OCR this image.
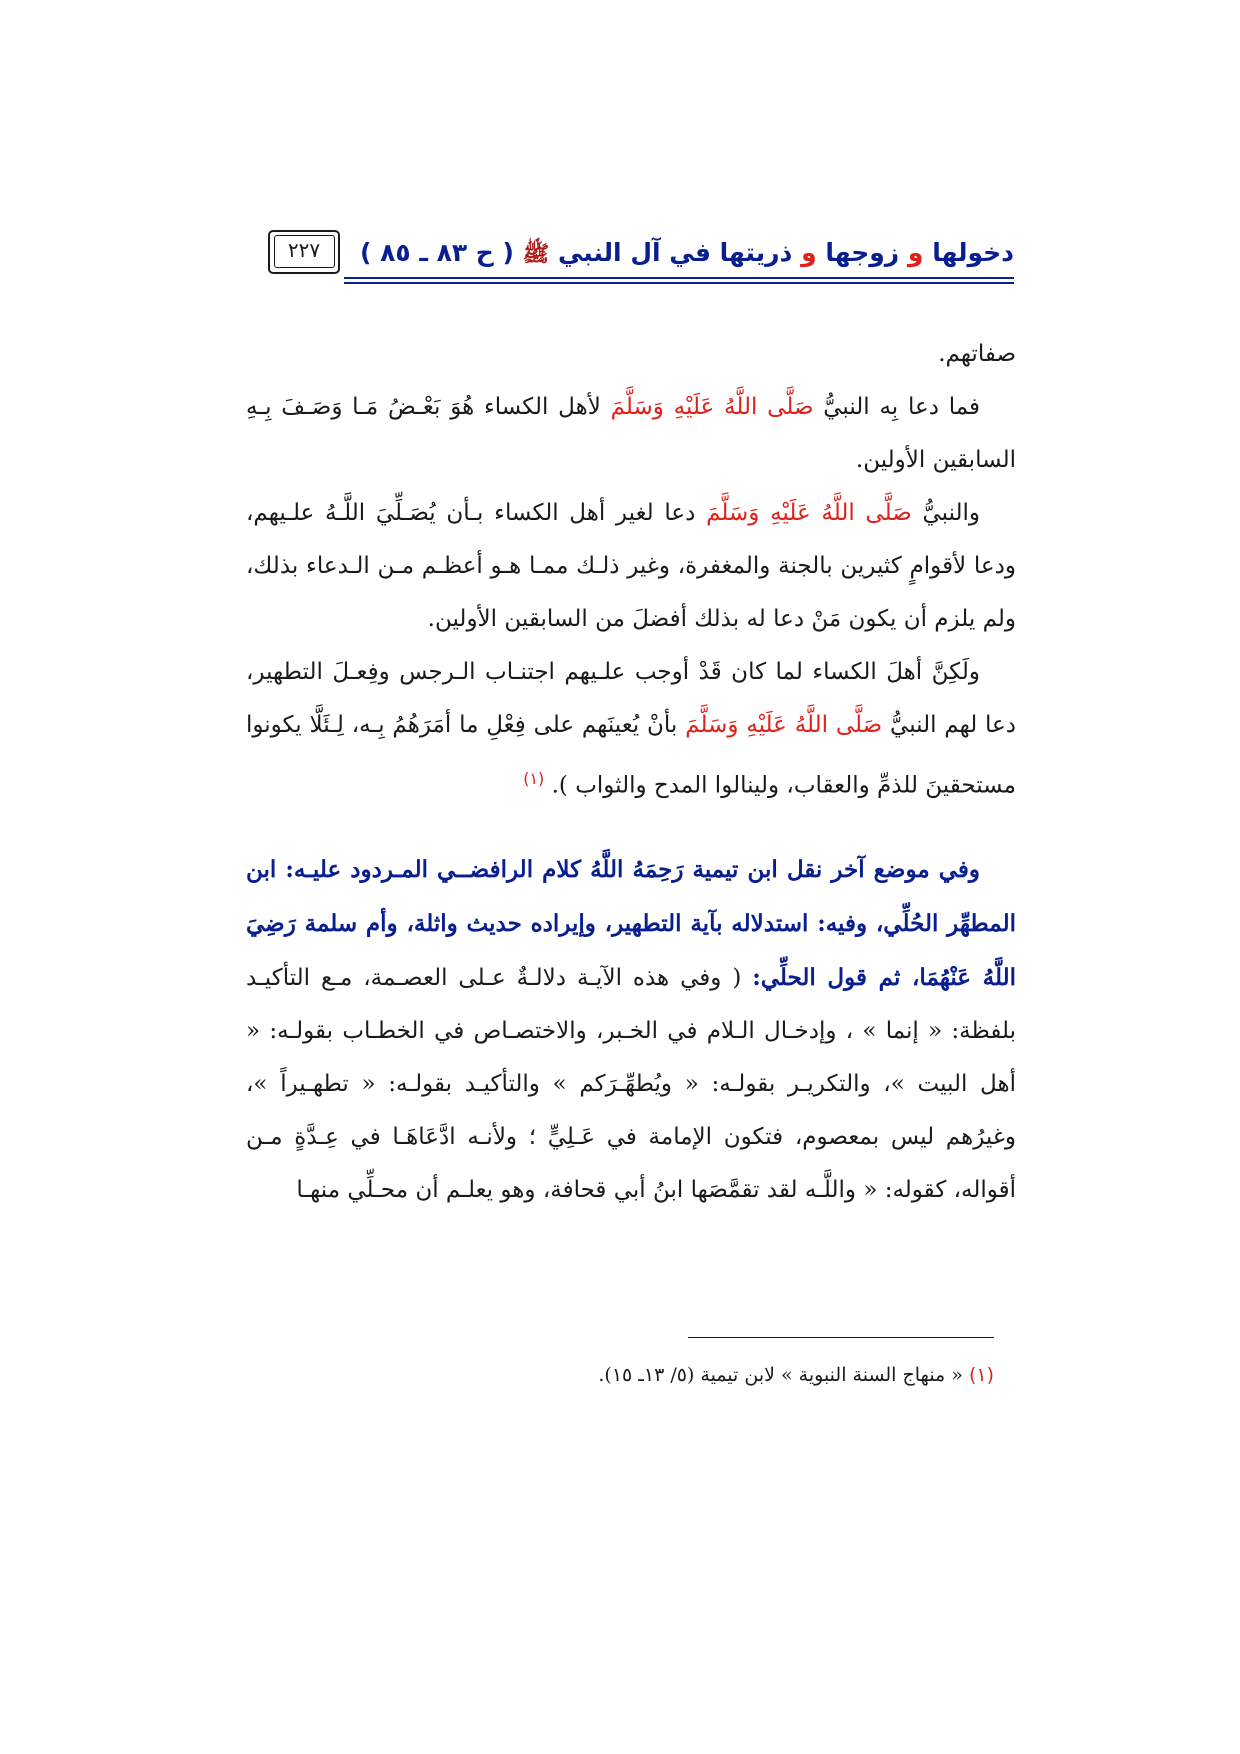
دخولها و زوجها و ذريتها في آل النبي ﷺ ( ح ٨٣ ـ ٨٥ )
٢٢٧

صفاتهم.

فما دعا بِه النبيُّ صَلَّى اللَّهُ عَلَيْهِ وَسَلَّمَ لأهل الكساء هُوَ بَعْـضُ مَـا وَصَـفَ بِـهِ السابقين الأولين.

والنبيُّ صَلَّى اللَّهُ عَلَيْهِ وَسَلَّمَ دعا لغير أهل الكساء بـأن يُصَـلِّيَ اللَّـهُ علـيهم، ودعا لأقوامٍ كثيرين بالجنة والمغفرة، وغير ذلـك ممـا هـو أعظـم مـن الـدعاء بذلك، ولم يلزم أن يكون مَنْ دعا له بذلك أفضلَ من السابقين الأولين.

ولَكِنَّ أهلَ الكساء لما كان قَدْ أوجب علـيهم اجتنـاب الـرجس وفِعـلَ التطهير، دعا لهم النبيُّ صَلَّى اللَّهُ عَلَيْهِ وَسَلَّمَ بأنْ يُعينَهم على فِعْلِ ما أمَرَهُمُ بِـه، لِـئَلَّا يكونوا مستحقينَ للذمِّ والعقاب، ولينالوا المدح والثواب ). $^{(١)}$

وفي موضع آخر نقل ابن تيمية رَحِمَهُ اللَّهُ كلام الرافضــي المـردود عليـه: ابن المطهِّر الحُلِّي، وفيه: استدلاله بآية التطهير، وإيراده حديث واثلة، وأم سلمة رَضِيَ اللَّهُ عَنْهُمَا، ثم قول الحلِّي: ( وفي هذه الآيـة دلالـةٌ عـلى العصـمة، مـع التأكيـد بلفظة: « إنما » ، وإدخـال الـلام في الخـبر، والاختصـاص في الخطـاب بقولـه: « أهل البيت »، والتكريـر بقولـه: « ويُطهِّـرَكم » والتأكيـد بقولـه: « تطهـيراً »، وغيرُهم ليس بمعصوم، فتكون الإمامة في عَـلِيٍّ ؛ ولأنـه ادَّعَاهَـا في عِـدَّةٍ مـن أقواله، كقوله: « واللَّـه لقد تقمَّصَها ابنُ أبي قحافة، وهو يعلـم أن محـلِّي منهـا

(١) « منهاج السنة النبوية » لابن تيمية (٥/ ١٣ـ ١٥).
